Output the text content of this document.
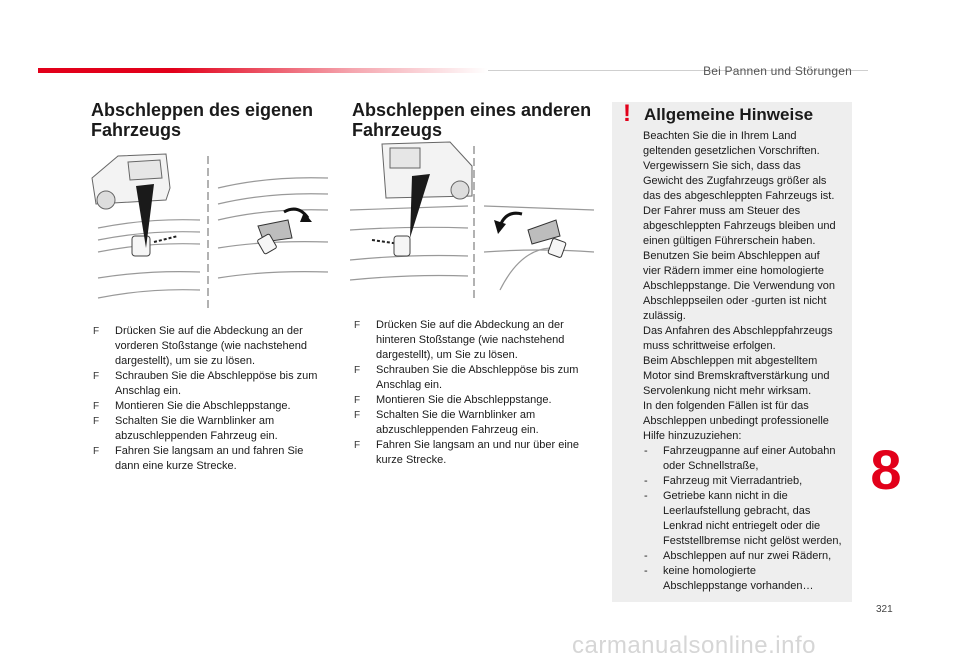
Bei Pannen und Störungen
Abschleppen des eigenen
Fahrzeugs
F Drücken Sie auf die Abdeckung an der
vorderen Stoßstange (wie nachstehend
dargestellt), um sie zu lösen.
F Schrauben Sie die Abschleppöse bis zum
Anschlag ein.
F Montieren Sie die Abschleppstange.
F Schalten Sie die Warnblinker am
abzuschleppenden Fahrzeug ein.
F Fahren Sie langsam an und fahren Sie
dann eine kurze Strecke.
Abschleppen eines anderen
Fahrzeugs
F Drücken Sie auf die Abdeckung an der
hinteren Stoßstange (wie nachstehend
dargestellt), um Sie zu lösen.
F Schrauben Sie die Abschleppöse bis zum
Anschlag ein.
F Montieren Sie die Abschleppstange.
F Schalten Sie die Warnblinker am
abzuschleppenden Fahrzeug ein.
F Fahren Sie langsam an und nur über eine
kurze Strecke.
! Allgemeine Hinweise
Beachten Sie die in Ihrem Land
geltenden gesetzlichen Vorschriften.
Vergewissern Sie sich, dass das
Gewicht des Zugfahrzeugs größer als
das des abgeschleppten Fahrzeugs ist.
Der Fahrer muss am Steuer des
abgeschleppten Fahrzeugs bleiben und
einen gültigen Führerschein haben.
Benutzen Sie beim Abschleppen auf
vier Rädern immer eine homologierte
Abschleppstange. Die Verwendung von
Abschleppseilen oder -gurten ist nicht
zulässig.
Das Anfahren des Abschleppfahrzeugs
muss schrittweise erfolgen.
Beim Abschleppen mit abgestelltem
Motor sind Bremskraftverstärkung und
Servolenkung nicht mehr wirksam.
In den folgenden Fällen ist für das
Abschleppen unbedingt professionelle
Hilfe hinzuzuziehen:

- Fahrzeugpanne auf einer Autobahn
oder Schnellstraße,
- Fahrzeug mit Vierradantrieb,
- Getriebe kann nicht in die
Leerlaufstellung gebracht, das
Lenkrad nicht entriegelt oder die
Feststellbremse nicht gelöst werden,
- Abschleppen auf nur zwei Rädern,
- keine homologierte
Abschleppstange vorhanden…
8
321
carmanualsonline.info
